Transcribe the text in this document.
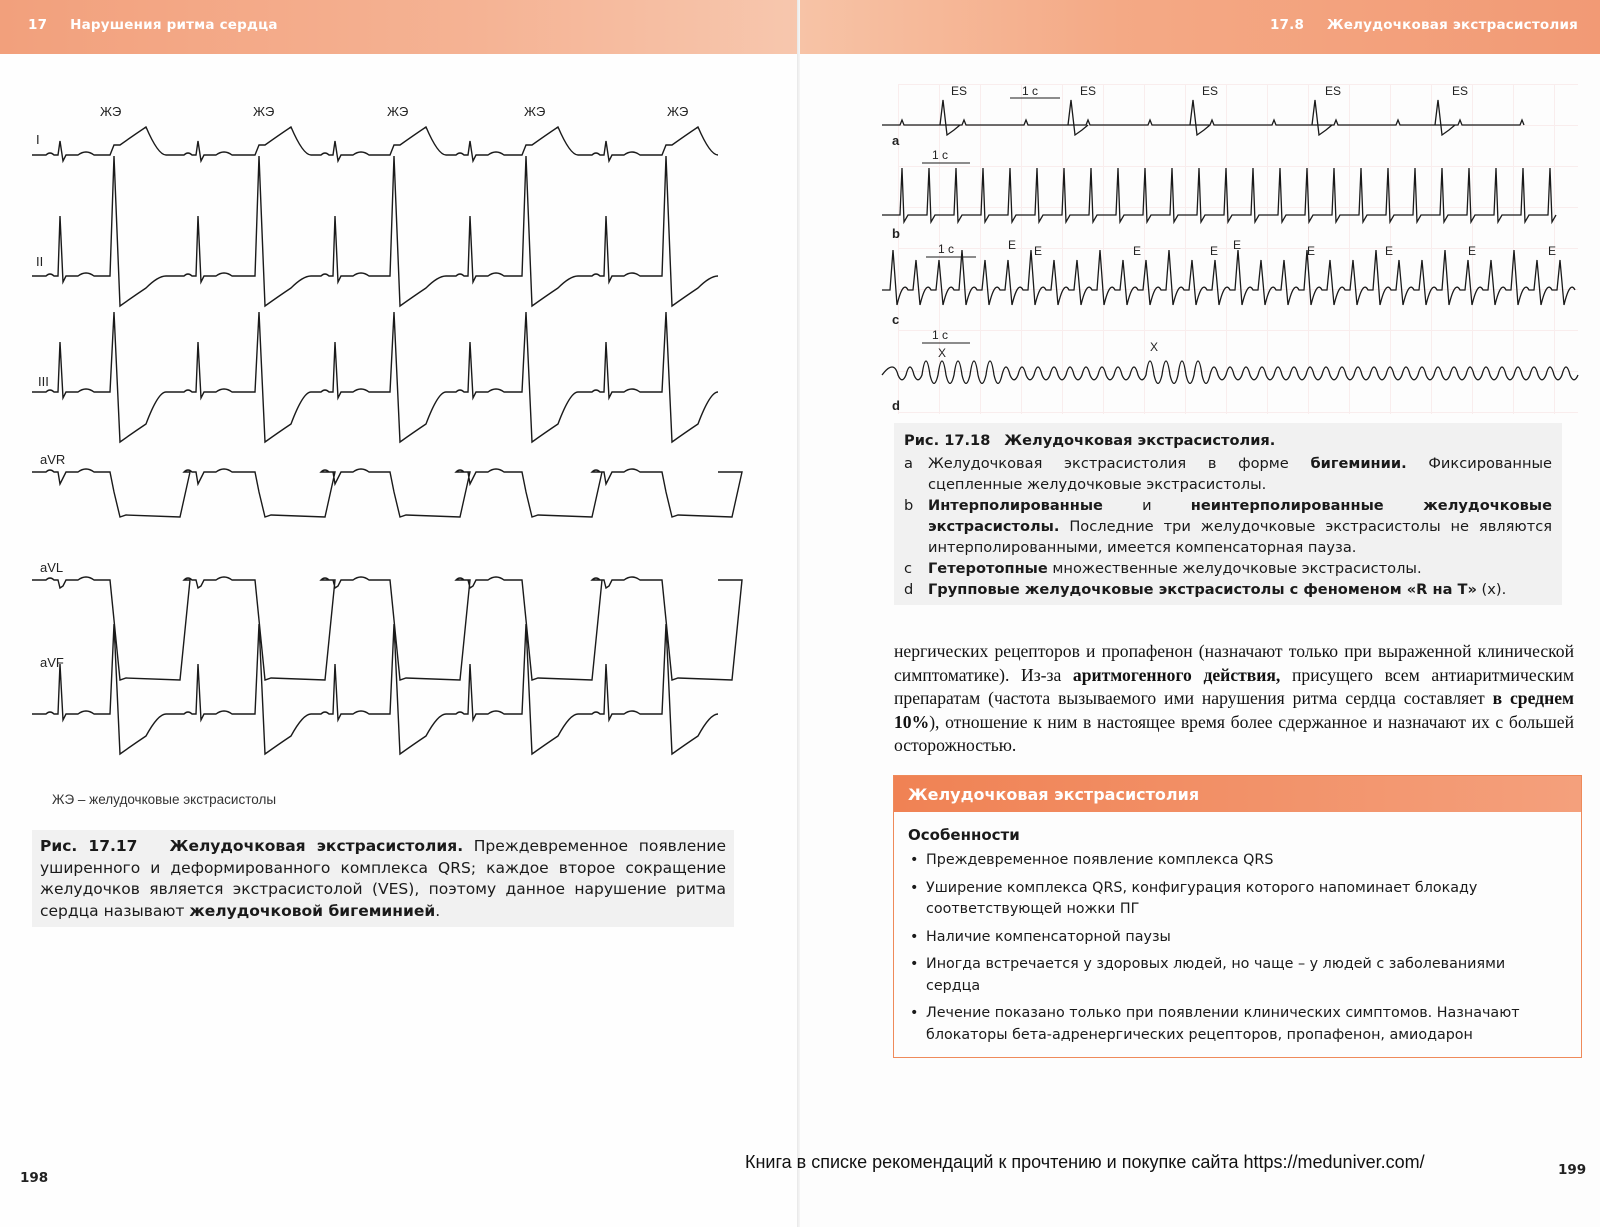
17 Нарушения ритма сердца
ЖЭ	ЖЭ	ЖЭ	ЖЭ	ЖЭ
I
II
III
aVR
aVL
aVF
ЖЭ – желудочковые экстрасистолы
Рис. 17.17 Желудочковая экстрасистолия. Преждевременное появление уширенного и деформированного комплекса QRS; каждое второе сокращение желудочков является экстрасистолой (VES), поэтому данное нарушение ритма сердца называют желудочковой бигеминией.
198
17.8 Желудочковая экстрасистолия
ES	1 c	ES	ES	ES	ES
a
1 c
b
1 c	E E	E	E E	E	E	E	E
c
1 c
X	X
d
Рис. 17.18 Желудочковая экстрасистолия.
a	Желудочковая экстрасистолия в форме бигеминии. Фиксированные сцепленные желудочковые экстрасистолы.
b	Интерполированные	и	неинтерполированные желудочковые экстрасистолы. Последние три желудочковые экстрасистолы не являются интерполированными, имеется компенсаторная пауза.
c	Гетеротопные множественные желудочковые экстрасистолы.
d	Групповые желудочковые экстрасистолы с феноменом «R на T» (x).
нергических рецепторов и пропафенон (назначают только при выраженной клинической симптоматике). Из-за аритмогенного действия, присущего всем антиаритмическим препаратам (частота вызываемого ими нарушения ритма сердца составляет в среднем 10%), отношение к ним в настоящее время более сдержанное и назначают их с большей осторожностью.
Желудочковая экстрасистолия
Особенности
• Преждевременное появление комплекса QRS
• Уширение комплекса QRS, конфигурация которого напоминает блокаду соответствующей ножки ПГ
• Наличие компенсаторной паузы
• Иногда встречается у здоровых людей, но чаще – у людей с заболеваниями сердца
• Лечение показано только при появлении клинических симптомов. Назначают блокаторы бета-адренергических рецепторов, пропафенон, амиодарон
199
Книга в списке рекомендаций к прочтению и покупке сайта https://meduniver.com/
